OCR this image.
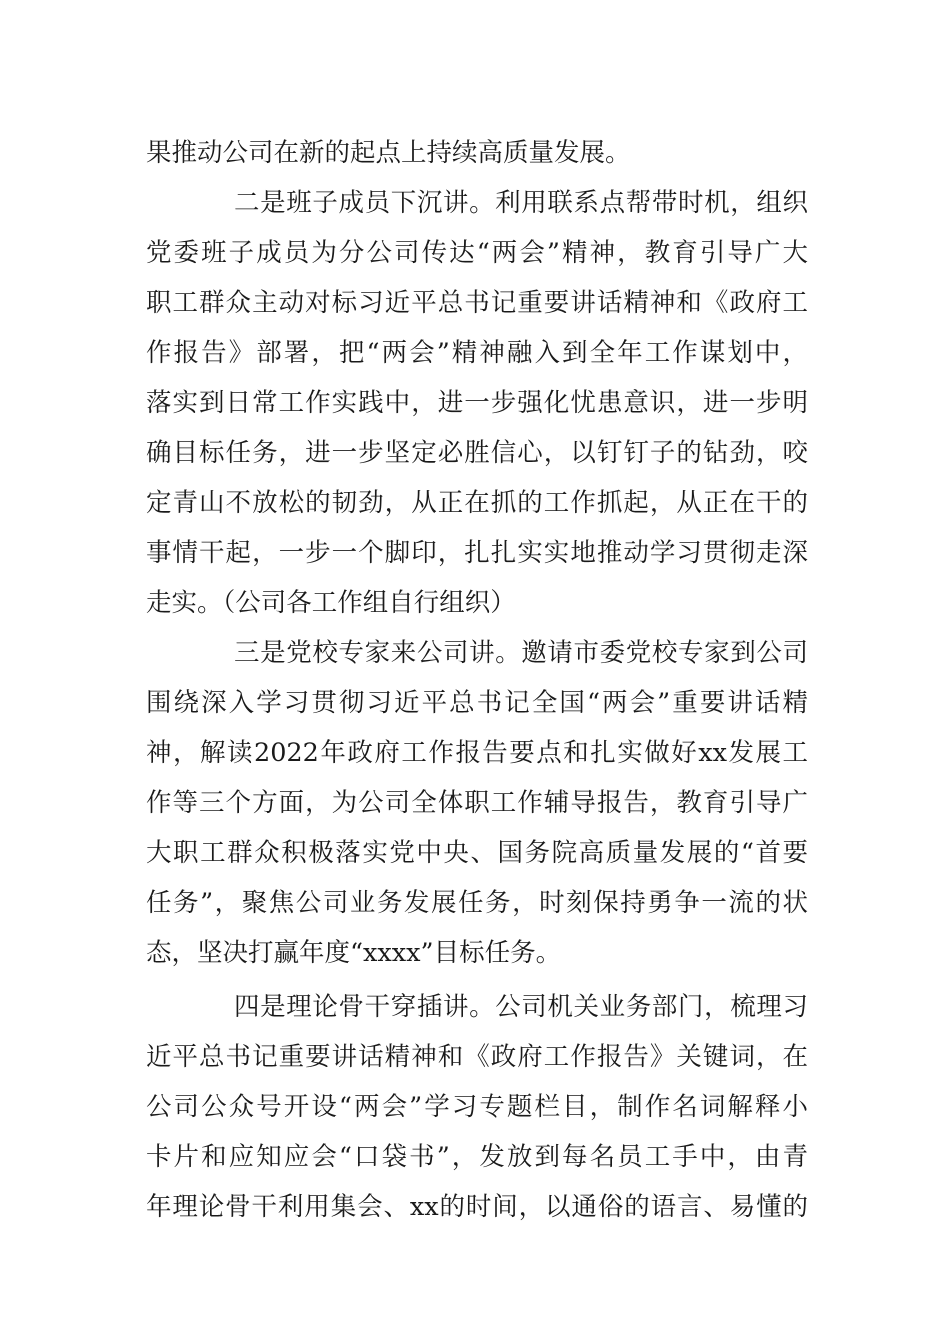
果推动公司在新的起点上持续高质量发展。
二是班子成员下沉讲。利用联系点帮带时机，组织
党委班子成员为分公司传达“两会”精神，教育引导广大
职工群众主动对标习近平总书记重要讲话精神和《政府工
作报告》部署，把“两会”精神融入到全年工作谋划中，
落实到日常工作实践中，进一步强化忧患意识，进一步明
确目标任务，进一步坚定必胜信心，以钉钉子的钻劲，咬
定青山不放松的韧劲，从正在抓的工作抓起，从正在干的
事情干起，一步一个脚印，扎扎实实地推动学习贯彻走深
走实。（公司各工作组自行组织）
三是党校专家来公司讲。邀请市委党校专家到公司
围绕深入学习贯彻习近平总书记全国“两会”重要讲话精
神，解读2022年政府工作报告要点和扎实做好xx发展工
作等三个方面，为公司全体职工作辅导报告，教育引导广
大职工群众积极落实党中央、国务院高质量发展的“首要
任务”，聚焦公司业务发展任务，时刻保持勇争一流的状
态，坚决打赢年度“xxxx”目标任务。
四是理论骨干穿插讲。公司机关业务部门，梳理习
近平总书记重要讲话精神和《政府工作报告》关键词，在
公司公众号开设“两会”学习专题栏目，制作名词解释小
卡片和应知应会“口袋书”，发放到每名员工手中，由青
年理论骨干利用集会、xx的时间，以通俗的语言、易懂的
